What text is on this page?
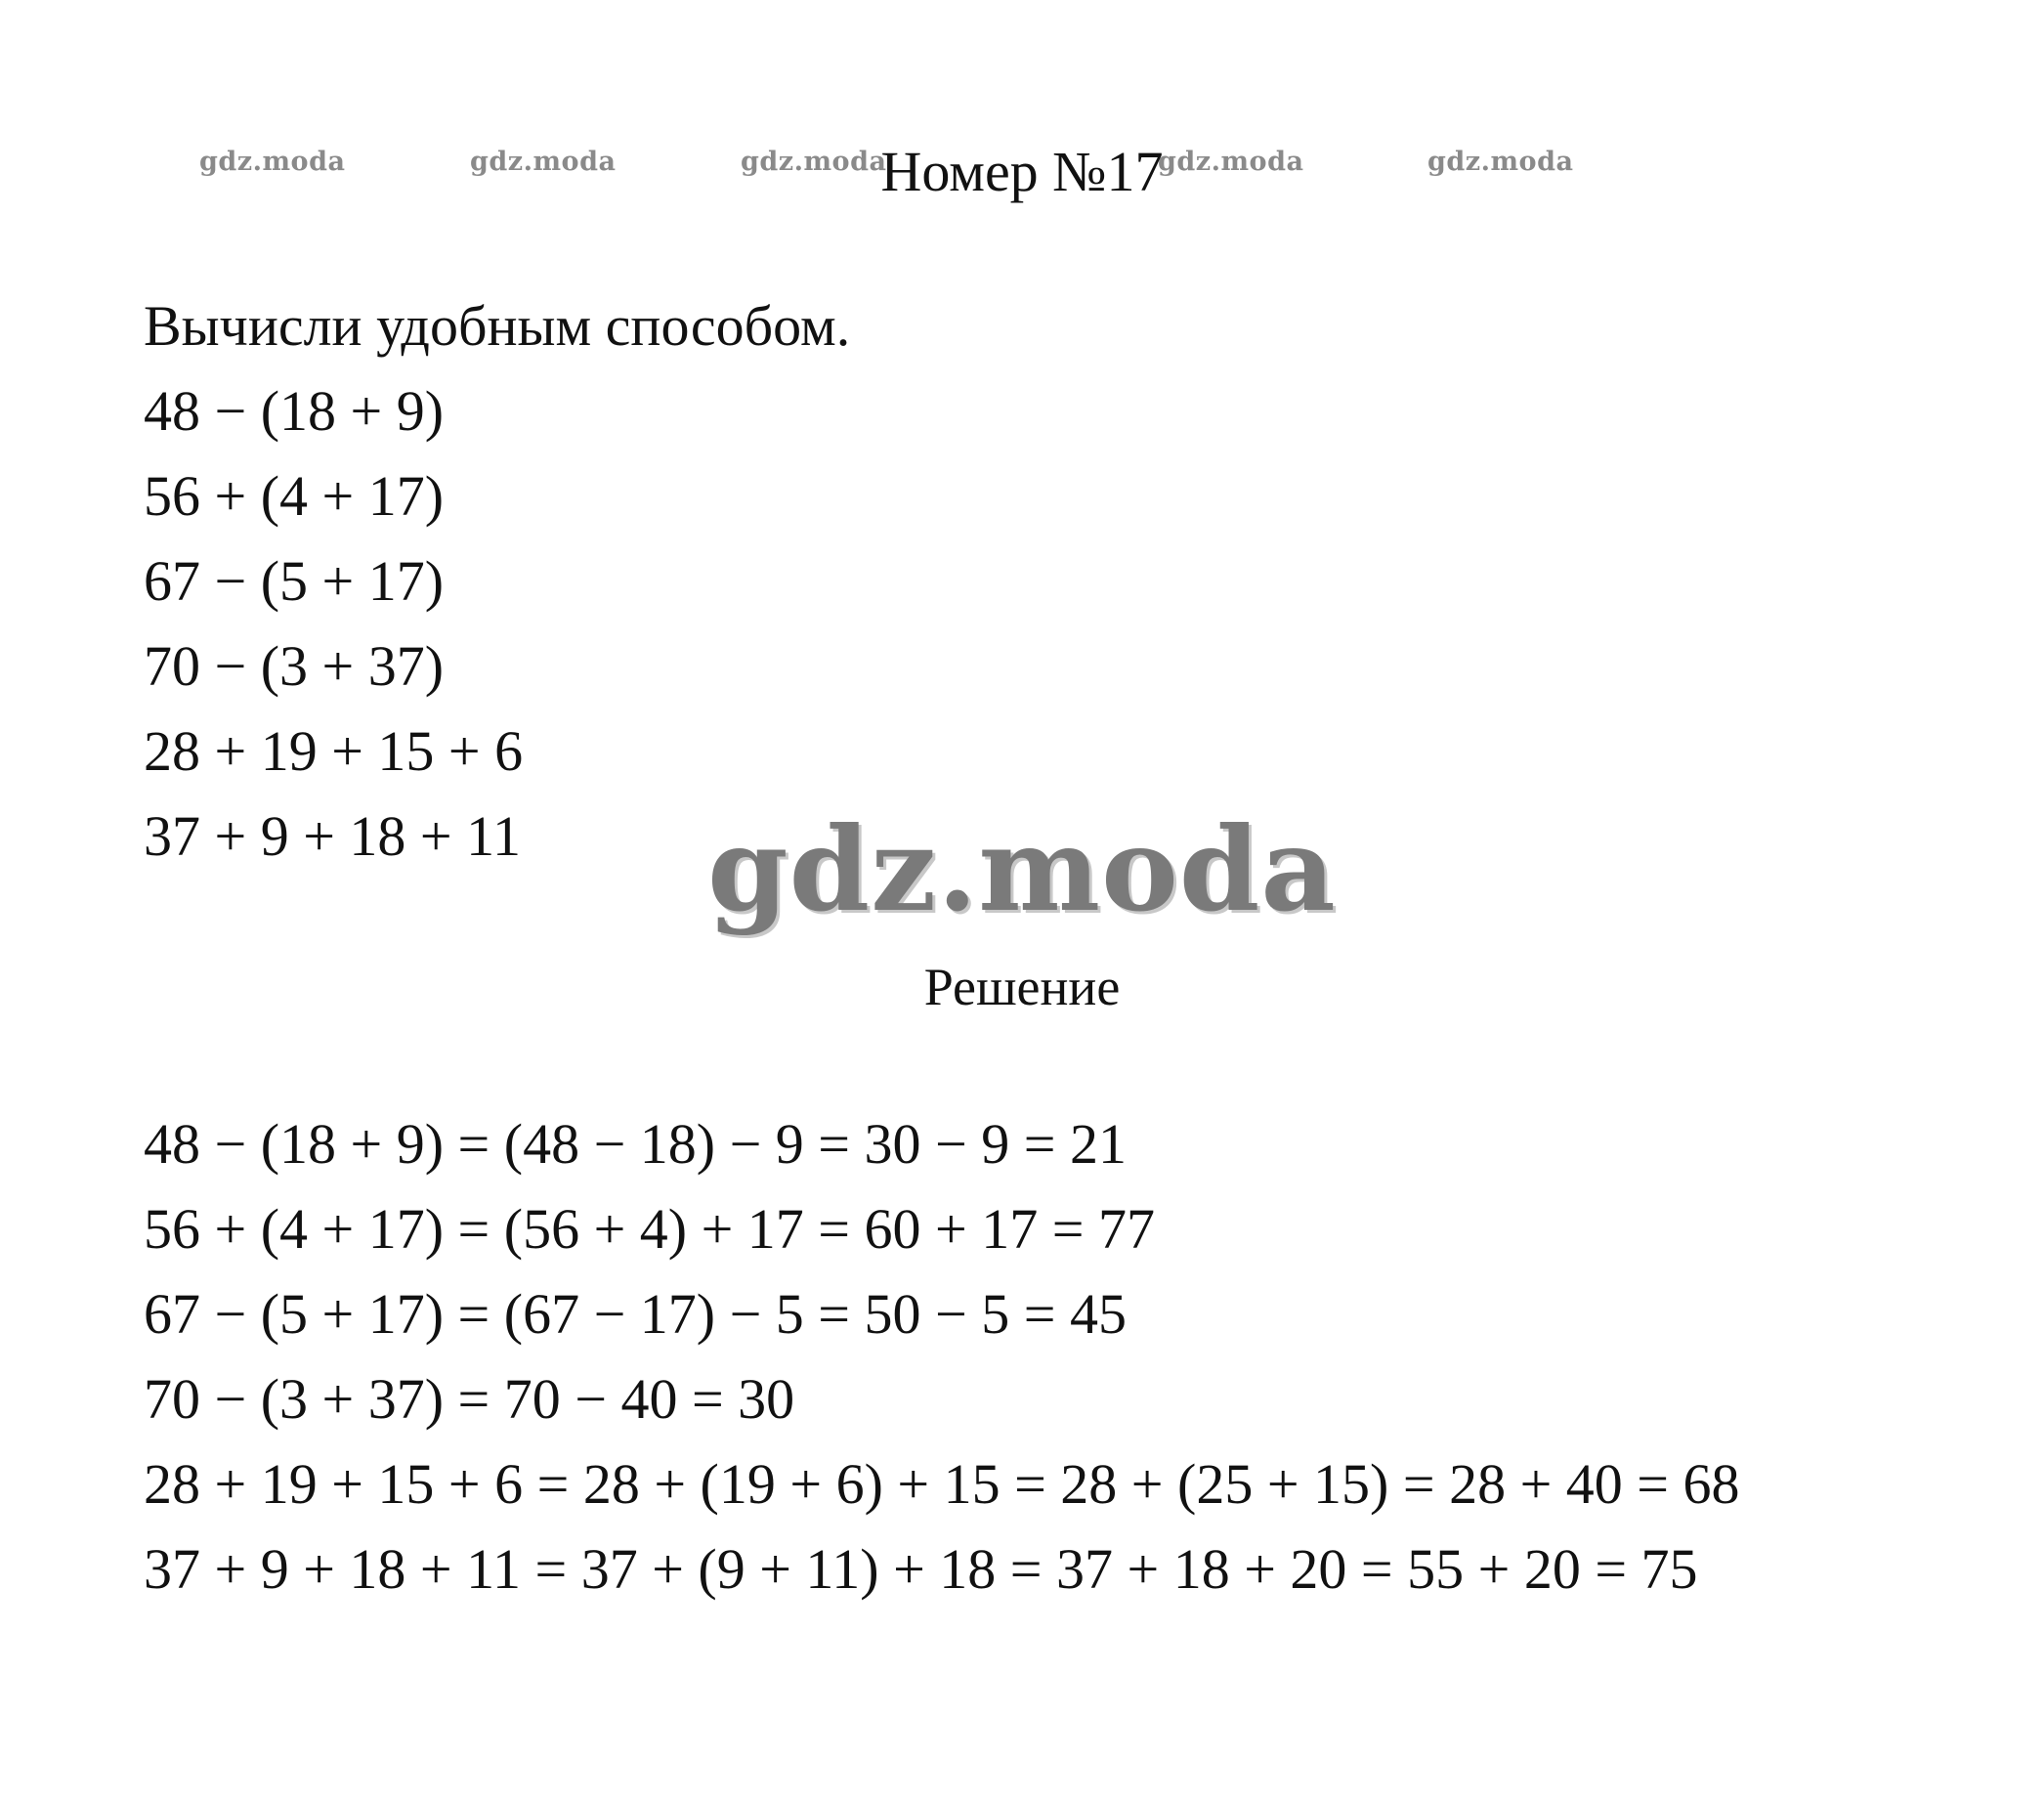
gdz.moda	gdz.moda	gdz.moda	gdz.moda	gdz.moda
Номер №17
Вычисли удобным способом.
48 − (18 + 9)
56 + (4 + 17)
67 − (5 + 17)
70 − (3 + 37)
28 + 19 + 15 + 6
37 + 9 + 18 + 11	gdz.moda
Решение
48 − (18 + 9) = (48 − 18) − 9 = 30 − 9 = 21
56 + (4 + 17) = (56 + 4) + 17 = 60 + 17 = 77
67 − (5 + 17) = (67 − 17) − 5 = 50 − 5 = 45
70 − (3 + 37) = 70 − 40 = 30
28 + 19 + 15 + 6 = 28 + (19 + 6) + 15 = 28 + (25 + 15) = 28 + 40 = 68
37 + 9 + 18 + 11 = 37 + (9 + 11) + 18 = 37 + 18 + 20 = 55 + 20 = 75
